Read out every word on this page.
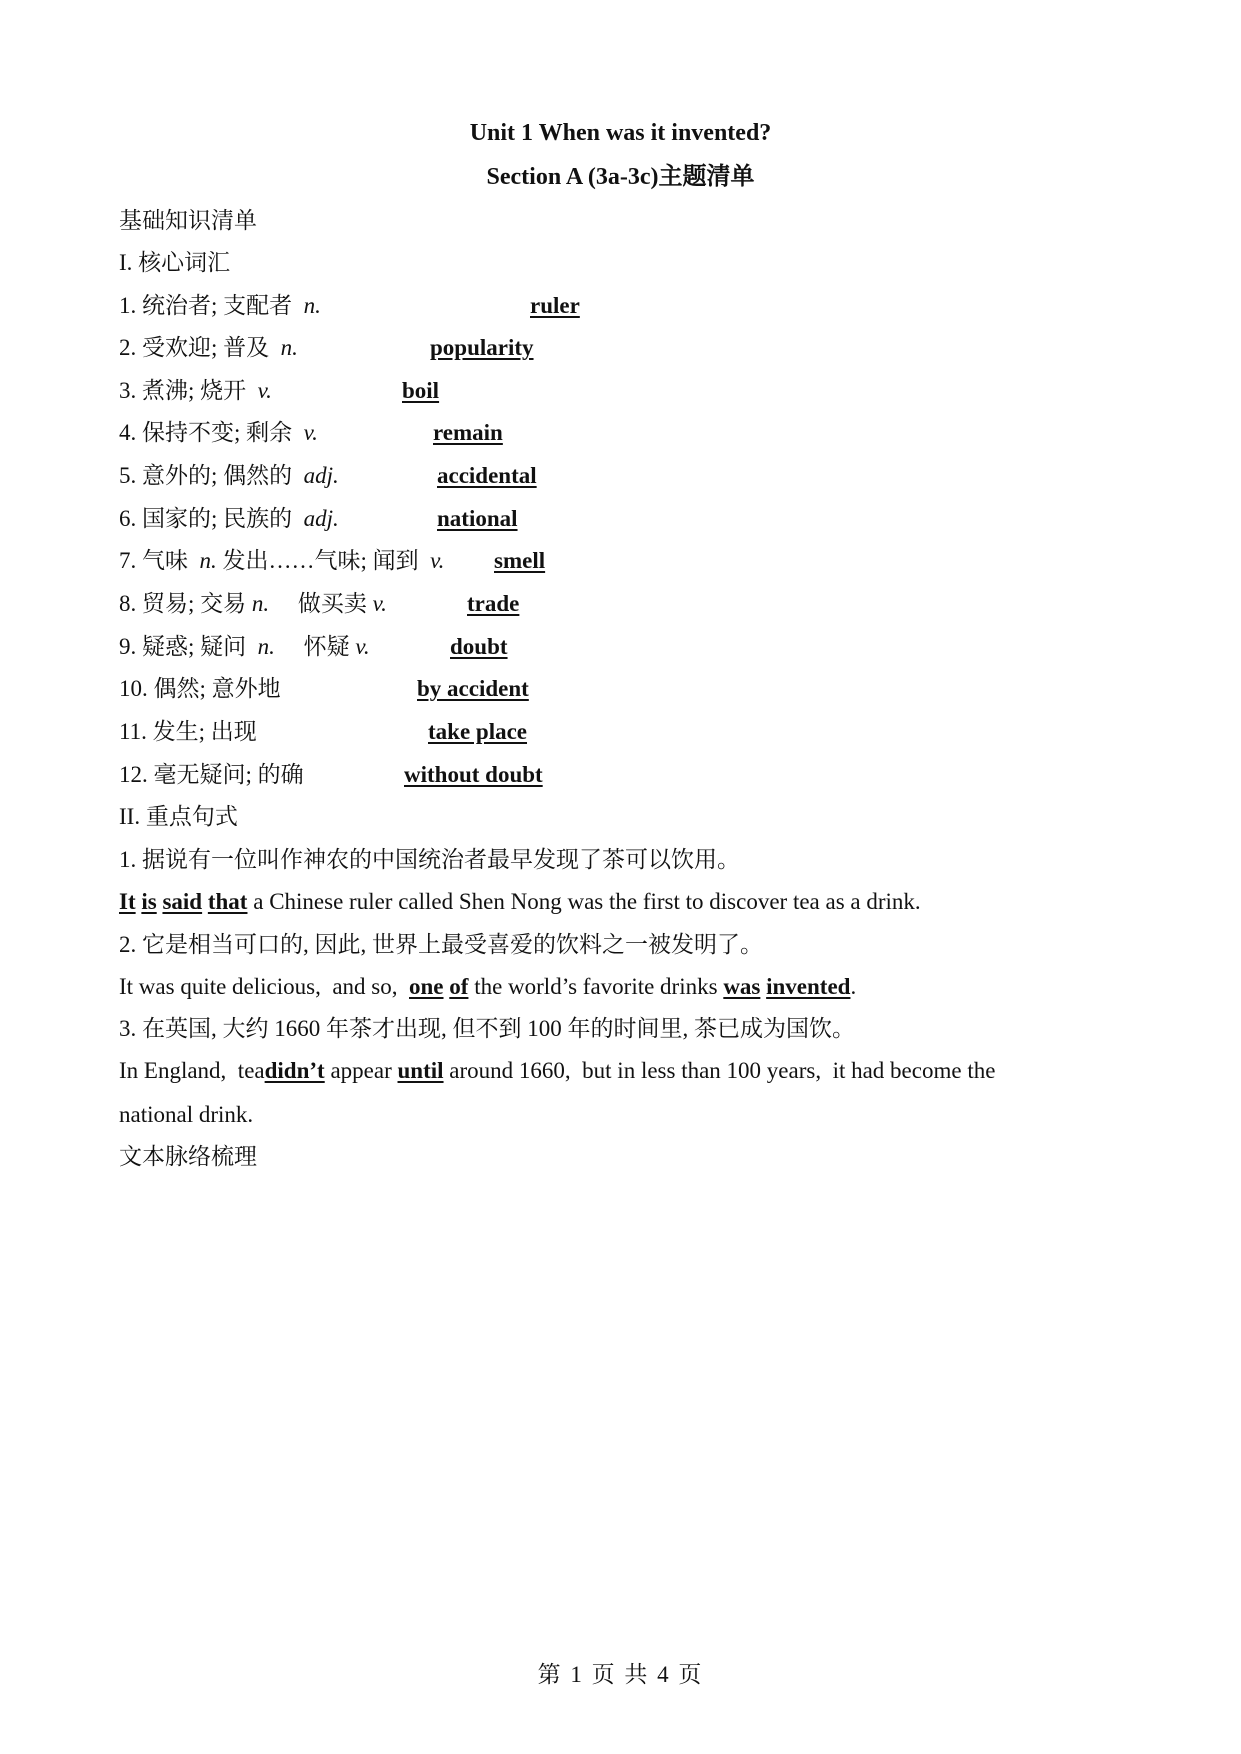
Unit 1 When was it invented?
Section A (3a-3c)主题清单
基础知识清单
I. 核心词汇
1. 统治者; 支配者 n.	ruler
2. 受欢迎; 普及 n.	popularity
3. 煮沸; 烧开 v.	boil
4. 保持不变; 剩余 v.	remain
5. 意外的; 偶然的 adj.	accidental
6. 国家的; 民族的 adj.	national
7. 气味 n. 发出……气味; 闻到 v. smell
8. 贸易; 交易 n. 做买卖 v.	trade
9. 疑惑; 疑问 n. 怀疑 v.	doubt
10. 偶然; 意外地	by accident
11. 发生; 出现	take place
12. 毫无疑问; 的确	without doubt
II. 重点句式
1. 据说有一位叫作神农的中国统治者最早发现了茶可以饮用。
It is said that a Chinese ruler called Shen Nong was the first to discover tea as a drink.
2. 它是相当可口的, 因此, 世界上最受喜爱的饮料之一被发明了。
It was quite delicious,  and so,  one of the world’s favorite drinks was invented.
3. 在英国, 大约 1660 年茶才出现, 但不到 100 年的时间里, 茶已成为国饮。
In England,  teadidn’t appear until around 1660,  but in less than 100 years,  it had become the
national drink.
文本脉络梳理
第 1 页 共 4 页
